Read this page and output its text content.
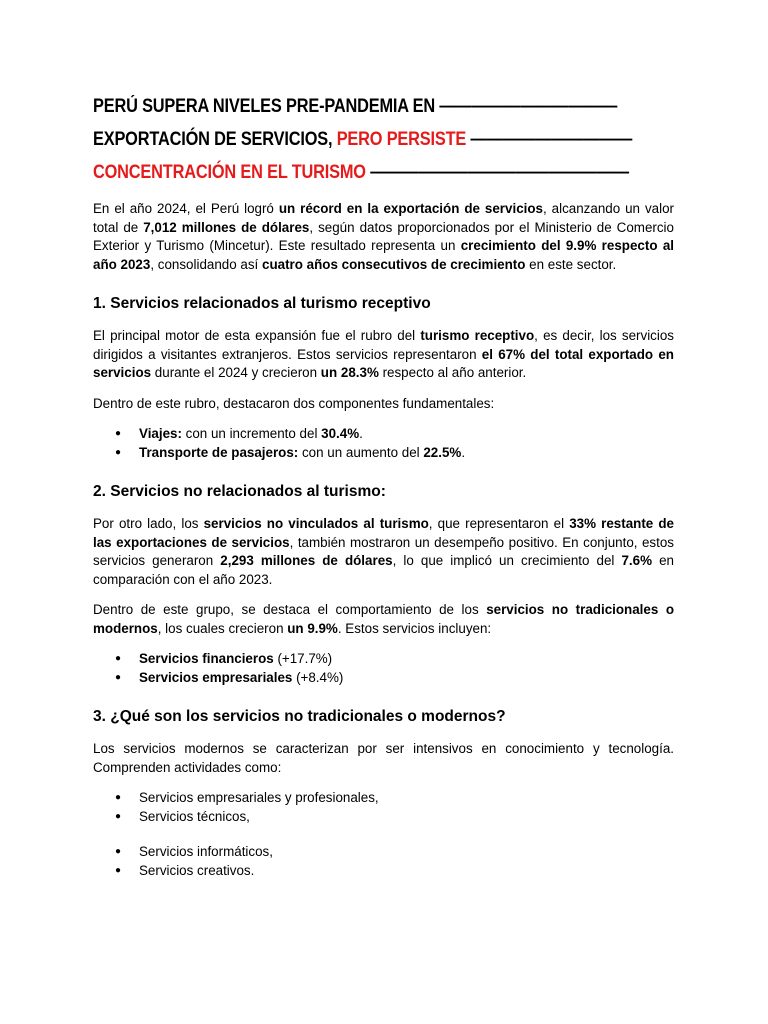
PERÚ SUPERA NIVELES PRE-PANDEMIA EN ———————————
EXPORTACIÓN DE SERVICIOS, PERO PERSISTE ——————————
CONCENTRACIÓN EN EL TURISMO ————————————————

En el año 2024, el Perú logró un récord en la exportación de servicios, alcanzando un valor total de 7,012 millones de dólares, según datos proporcionados por el Ministerio de Comercio Exterior y Turismo (Mincetur). Este resultado representa un crecimiento del 9.9% respecto al año 2023, consolidando así cuatro años consecutivos de crecimiento en este sector.

1. Servicios relacionados al turismo receptivo

El principal motor de esta expansión fue el rubro del turismo receptivo, es decir, los servicios dirigidos a visitantes extranjeros. Estos servicios representaron el 67% del total exportado en servicios durante el 2024 y crecieron un 28.3% respecto al año anterior.

Dentro de este rubro, destacaron dos componentes fundamentales:

● Viajes: con un incremento del 30.4%.
● Transporte de pasajeros: con un aumento del 22.5%.
2. Servicios no relacionados al turismo:

Por otro lado, los servicios no vinculados al turismo, que representaron el 33% restante de las exportaciones de servicios, también mostraron un desempeño positivo. En conjunto, estos servicios generaron 2,293 millones de dólares, lo que implicó un crecimiento del 7.6% en comparación con el año 2023.

Dentro de este grupo, se destaca el comportamiento de los servicios no tradicionales o modernos, los cuales crecieron un 9.9%. Estos servicios incluyen:

● Servicios financieros (+17.7%)
● Servicios empresariales (+8.4%)
3. ¿Qué son los servicios no tradicionales o modernos?

Los servicios modernos se caracterizan por ser intensivos en conocimiento y tecnología. Comprenden actividades como:

● Servicios empresariales y profesionales,
● Servicios técnicos,
● Servicios informáticos,
● Servicios creativos.
